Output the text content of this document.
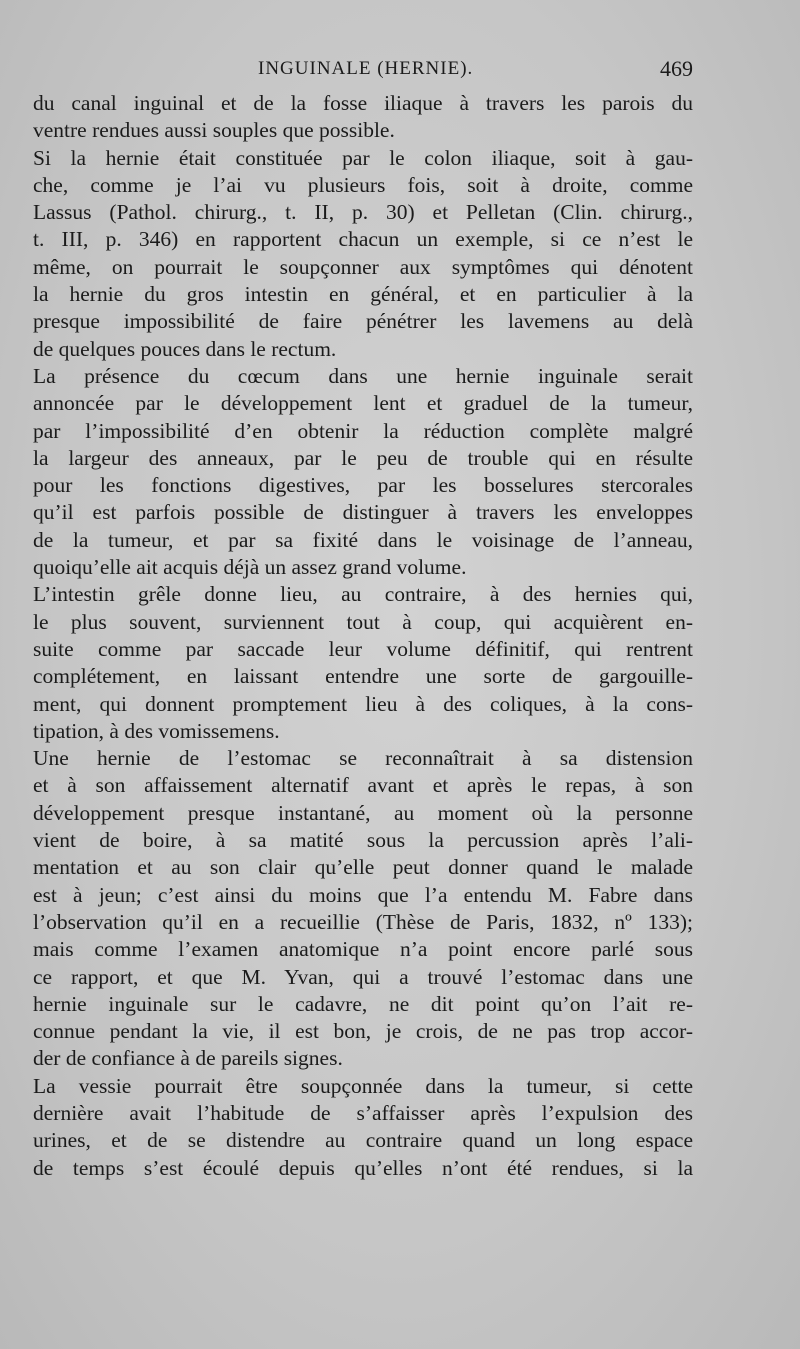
INGUINALE (HERNIE).	469
du canal inguinal et de la fosse iliaque à travers les parois du
ventre rendues aussi souples que possible.
Si la hernie était constituée par le colon iliaque, soit à gau-
che, comme je l’ai vu plusieurs fois, soit à droite, comme
Lassus (Pathol. chirurg., t. II, p. 30) et Pelletan (Clin. chirurg.,
t. III, p. 346) en rapportent chacun un exemple, si ce n’est le
même, on pourrait le soupçonner aux symptômes qui dénotent
la hernie du gros intestin en général, et en particulier à la
presque impossibilité de faire pénétrer les lavemens au delà
de quelques pouces dans le rectum.
La présence du cœcum dans une hernie inguinale serait
annoncée par le développement lent et graduel de la tumeur,
par l’impossibilité d’en obtenir la réduction complète malgré
la largeur des anneaux, par le peu de trouble qui en résulte
pour les fonctions digestives, par les bosselures stercorales
qu’il est parfois possible de distinguer à travers les enveloppes
de la tumeur, et par sa fixité dans le voisinage de l’anneau,
quoiqu’elle ait acquis déjà un assez grand volume.
L’intestin grêle donne lieu, au contraire, à des hernies qui,
le plus souvent, surviennent tout à coup, qui acquièrent en-
suite comme par saccade leur volume définitif, qui rentrent
complétement, en laissant entendre une sorte de gargouille-
ment, qui donnent promptement lieu à des coliques, à la cons-
tipation, à des vomissemens.
Une hernie de l’estomac se reconnaîtrait à sa distension
et à son affaissement alternatif avant et après le repas, à son
développement presque instantané, au moment où la personne
vient de boire, à sa matité sous la percussion après l’ali-
mentation et au son clair qu’elle peut donner quand le malade
est à jeun; c’est ainsi du moins que l’a entendu M. Fabre dans
l’observation qu’il en a recueillie (Thèse de Paris, 1832, nº 133);
mais comme l’examen anatomique n’a point encore parlé sous
ce rapport, et que M. Yvan, qui a trouvé l’estomac dans une
hernie inguinale sur le cadavre, ne dit point qu’on l’ait re-
connue pendant la vie, il est bon, je crois, de ne pas trop accor-
der de confiance à de pareils signes.
La vessie pourrait être soupçonnée dans la tumeur, si cette
dernière avait l’habitude de s’affaisser après l’expulsion des
urines, et de se distendre au contraire quand un long espace
de temps s’est écoulé depuis qu’elles n’ont été rendues, si la
